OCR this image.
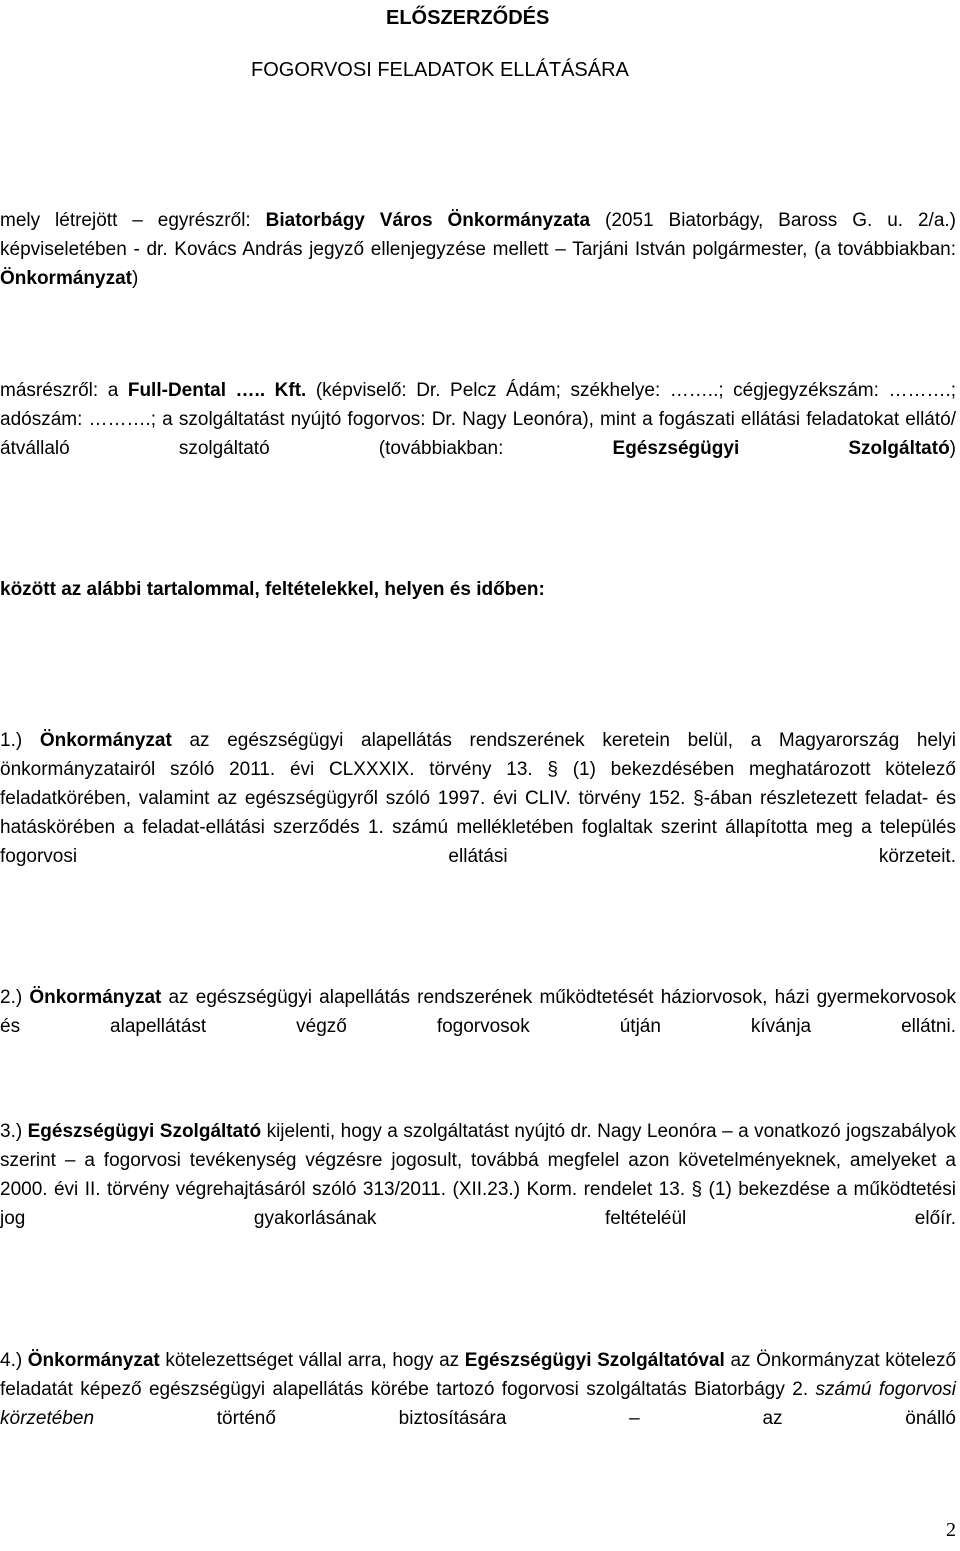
ELŐSZERZŐDÉS
FOGORVOSI FELADATOK ELLÁTÁSÁRA

mely létrejött – egyrészről: Biatorbágy Város Önkormányzata (2051 Biatorbágy, Baross G. u. 2/a.) képviseletében - dr. Kovács András jegyző ellenjegyzése mellett – Tarjáni István polgármester, (a továbbiakban: Önkormányzat)

másrészről: a Full-Dental ….. Kft. (képviselő: Dr. Pelcz Ádám; székhelye: ……..; cégjegyzékszám: ……….; adószám: ……….; a szolgáltatást nyújtó fogorvos: Dr. Nagy Leonóra), mint a fogászati ellátási feladatokat ellátó/átvállaló szolgáltató (továbbiakban: Egészségügyi Szolgáltató)

között az alábbi tartalommal, feltételekkel, helyen és időben:

1.) Önkormányzat az egészségügyi alapellátás rendszerének keretein belül, a Magyarország helyi önkormányzatairól szóló 2011. évi CLXXXIX. törvény 13. § (1) bekezdésében meghatározott kötelező feladatkörében, valamint az egészségügyről szóló 1997. évi CLIV. törvény 152. §-ában részletezett feladat- és hatáskörében a feladat-ellátási szerződés 1. számú mellékletében foglaltak szerint állapította meg a település fogorvosi ellátási körzeteit.

2.) Önkormányzat az egészségügyi alapellátás rendszerének működtetését háziorvosok, házi gyermekorvosok és alapellátást végző fogorvosok útján kívánja ellátni.

3.) Egészségügyi Szolgáltató kijelenti, hogy a szolgáltatást nyújtó dr. Nagy Leonóra – a vonatkozó jogszabályok szerint – a fogorvosi tevékenység végzésre jogosult, továbbá megfelel azon követelményeknek, amelyeket a 2000. évi II. törvény végrehajtásáról szóló 313/2011. (XII.23.) Korm. rendelet 13. § (1) bekezdése a működtetési jog gyakorlásának feltételéül előír.

4.) Önkormányzat kötelezettséget vállal arra, hogy az Egészségügyi Szolgáltatóval az Önkormányzat kötelező feladatát képező egészségügyi alapellátás körébe tartozó fogorvosi szolgáltatás Biatorbágy 2. számú fogorvosi körzetében történő biztosítására – az önálló

2
